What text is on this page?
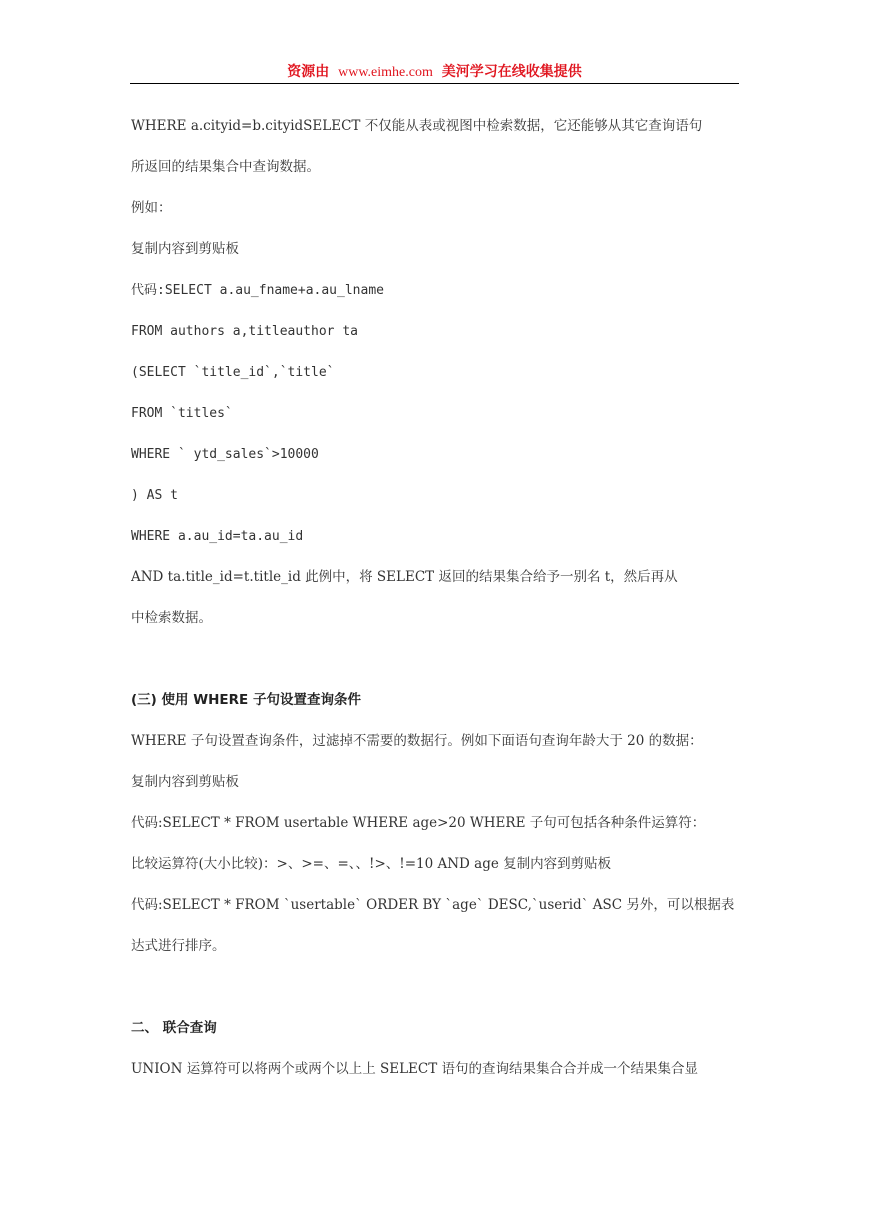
资源由 www.eimhe.com 美河学习在线收集提供
WHERE a.cityid=b.cityidSELECT 不仅能从表或视图中检索数据，它还能够从其它查询语句
所返回的结果集合中查询数据。
例如：
复制内容到剪贴板
代码:SELECT a.au_fname+a.au_lname
FROM authors a,titleauthor ta
(SELECT `title_id`,`title`
FROM `titles`
WHERE ` ytd_sales`>10000
) AS t
WHERE a.au_id=ta.au_id
AND ta.title_id=t.title_id 此例中，将 SELECT 返回的结果集合给予一别名 t，然后再从
中检索数据。
(三) 使用 WHERE 子句设置查询条件
WHERE 子句设置查询条件，过滤掉不需要的数据行。例如下面语句查询年龄大于 20 的数据：
复制内容到剪贴板
代码:SELECT * FROM usertable WHERE age>20 WHERE 子句可包括各种条件运算符：
比较运算符(大小比较)：>、>=、=、、!>、!=10 AND age 复制内容到剪贴板
代码:SELECT * FROM `usertable` ORDER BY `age` DESC,`userid` ASC 另外，可以根据表
达式进行排序。
二、 联合查询
UNION 运算符可以将两个或两个以上上 SELECT 语句的查询结果集合合并成一个结果集合显
